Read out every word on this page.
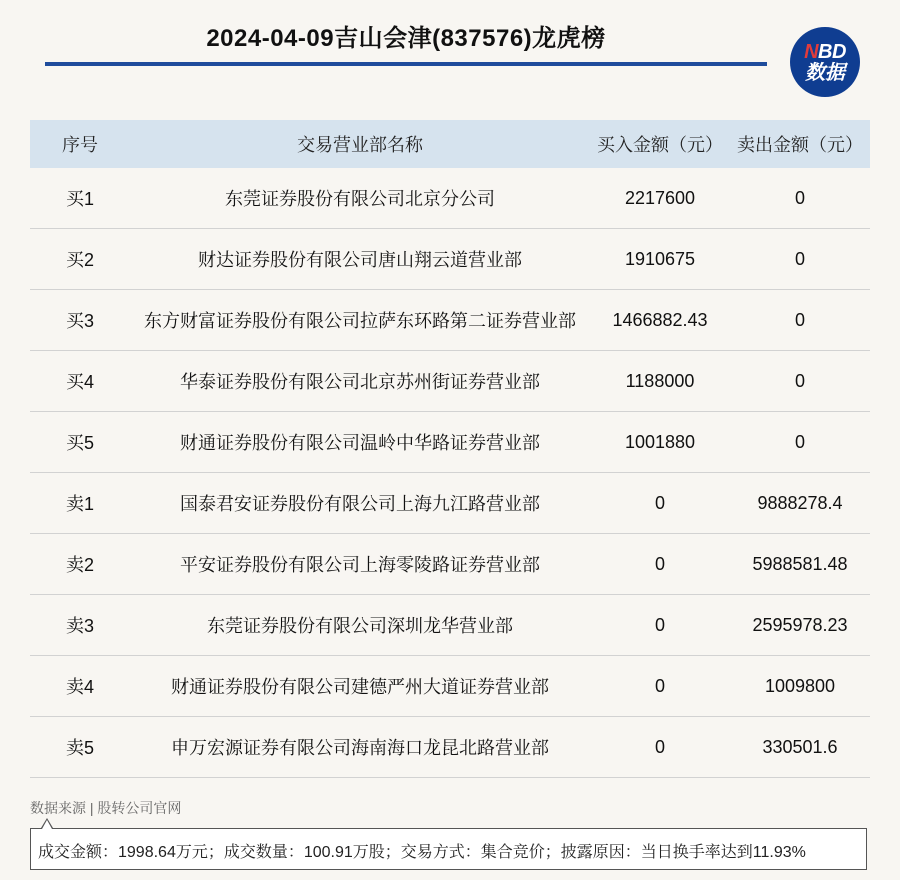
2024-04-09吉山会津(837576)龙虎榜	NBD
数据
序号	交易营业部名称	买入金额（元） 卖出金额（元）
买1	东莞证券股份有限公司北京分公司	2217600	0
买2	财达证券股份有限公司唐山翔云道营业部	1910675	0
买3	东方财富证券股份有限公司拉萨东环路第二证券营业部	1466882.43	0
买4	华泰证券股份有限公司北京苏州街证券营业部	1188000	0
买5	财通证券股份有限公司温岭中华路证券营业部	1001880	0
卖1	国泰君安证券股份有限公司上海九江路营业部	0	9888278.4
卖2	平安证券股份有限公司上海零陵路证券营业部	0	5988581.48
卖3	东莞证券股份有限公司深圳龙华营业部	0	2595978.23
卖4	财通证券股份有限公司建德严州大道证券营业部	0	1009800
卖5	申万宏源证券有限公司海南海口龙昆北路营业部	0	330501.6
数据来源 | 股转公司官网
成交金额：1998.64万元；成交数量：100.91万股；交易方式：集合竞价；披露原因：当日换手率达到11.93%
